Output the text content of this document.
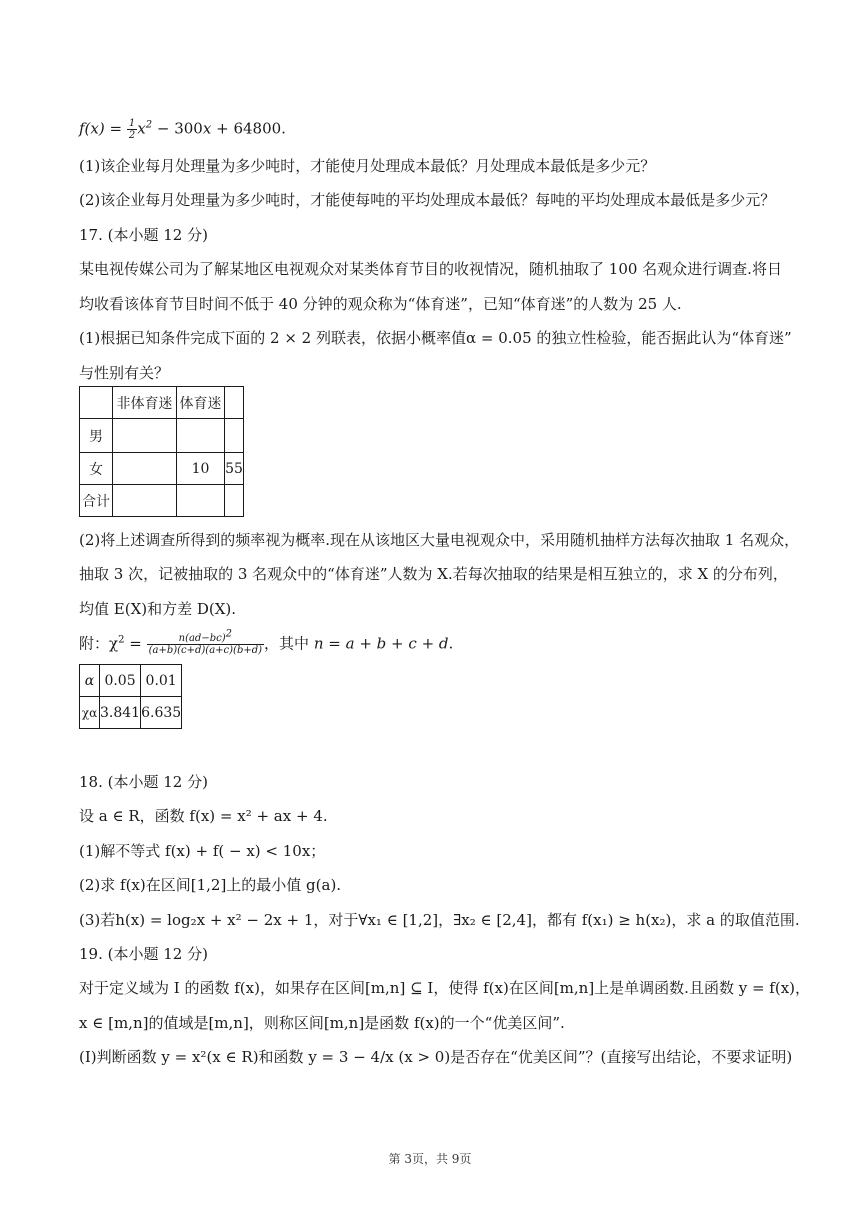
$f(x) = \frac{1}{2} x^2 - 300x + 64800$.
(1)该企业每月处理量为多少吨时，才能使月处理成本最低？月处理成本最低是多少元？
(2)该企业每月处理量为多少吨时，才能使每吨的平均处理成本最低？每吨的平均处理成本最低是多少元？
17. (本小题 12 分)
某电视传媒公司为了解某地区电视观众对某类体育节目的收视情况，随机抽取了 100 名观众进行调查.将日
均收看该体育节目时间不低于 40 分钟的观众称为“体育迷”，已知“体育迷”的人数为 25 人.
(1)根据已知条件完成下面的 2 × 2 列联表，依据小概率值α = 0.05 的独立性检验，能否据此认为“体育迷”
与性别有关？
	非体育迷	体育迷	
男			
女		10	55
合计			
(2)将上述调查所得到的频率视为概率.现在从该地区大量电视观众中，采用随机抽样方法每次抽取 1 名观众，
抽取 3 次，记被抽取的 3 名观众中的“体育迷”人数为 X.若每次抽取的结果是相互独立的，求 X 的分布列，
均值 E(X)和方差 D(X).
附：$\chi^2 = \frac{n(ad-bc)^2}{(a+b)(c+d)(a+c)(b+d)}$ ，其中 n = a + b + c + d.
α	0.05	0.01
χα	3.841	6.635
18. (本小题 12 分)
设 a ∈ R，函数 f(x) = x² + ax + 4.
(1)解不等式 f(x) + f( − x) < 10x；
(2)求 f(x)在区间[1,2]上的最小值 g(a).
(3)若h(x) = log₂x + x² − 2x + 1，对于∀x₁ ∈ [1,2]，∃x₂ ∈ [2,4]，都有 f(x₁) ≥ h(x₂)，求 a 的取值范围.
19. (本小题 12 分)
对于定义域为 I 的函数 f(x)，如果存在区间[m,n] ⊆ I，使得 f(x)在区间[m,n]上是单调函数.且函数 y = f(x)，
x ∈ [m,n]的值域是[m,n]，则称区间[m,n]是函数 f(x)的一个“优美区间”.
(Ⅰ)判断函数 y = x²(x ∈ R)和函数 y = 3 − 4/x (x > 0)是否存在“优美区间”？(直接写出结论，不要求证明)
第 3页，共 9页
